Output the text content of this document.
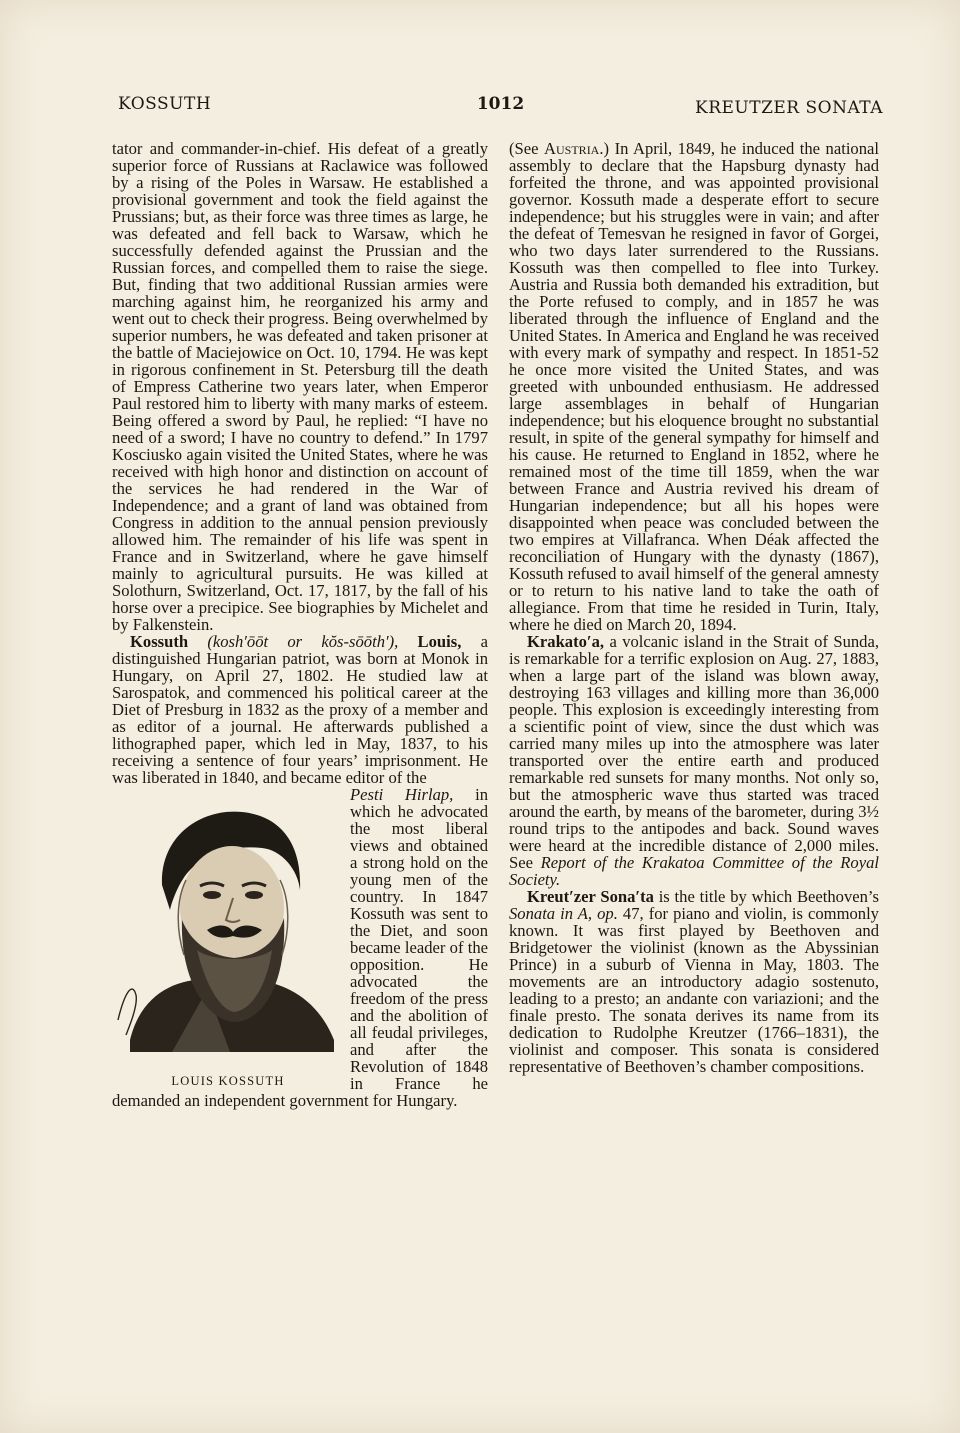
KOSSUTH	1012	KREUTZER SONATA

tator and commander-in-chief. His defeat of a greatly superior force of Russians at Raclawice was followed by a rising of the Poles in Warsaw. He established a provisional government and took the field against the Prussians; but, as their force was three times as large, he was defeated and fell back to Warsaw, which he successfully defended against the Prussian and the Russian forces, and compelled them to raise the siege. But, finding that two additional Russian armies were marching against him, he reorganized his army and went out to check their progress. Being overwhelmed by superior numbers, he was defeated and taken prisoner at the battle of Maciejowice on Oct. 10, 1794. He was kept in rigorous confinement in St. Petersburg till the death of Empress Catherine two years later, when Emperor Paul restored him to liberty with many marks of esteem. Being offered a sword by Paul, he replied: “I have no need of a sword; I have no country to defend.” In 1797 Kosciusko again visited the United States, where he was received with high honor and distinction on account of the services he had rendered in the War of Independence; and a grant of land was obtained from Congress in addition to the annual pension previously allowed him. The remainder of his life was spent in France and in Switzerland, where he gave himself mainly to agricultural pursuits. He was killed at Solothurn, Switzerland, Oct. 17, 1817, by the fall of his horse over a precipice. See biographies by Michelet and by Falkenstein.

Kossuth (kosh′ōōt or kŏs-sōōth′), Louis, a distinguished Hungarian patriot, was born at Monok in Hungary, on April 27, 1802. He studied law at Sarospatok, and commenced his political career at the Diet of Presburg in 1832 as the proxy of a member and as editor of a journal. He afterwards published a lithographed paper, which led in May, 1837, to his receiving a sentence of four years’ imprisonment. He was liberated in 1840, and became editor of the

LOUIS KOSSUTH

Pesti Hirlap, in which he advocated the most liberal views and obtained a strong hold on the young men of the country. In 1847 Kossuth was sent to the Diet, and soon became leader of the opposition. He advocated the freedom of the press and the abolition of all feudal privileges, and after the Revolution of 1848 in France he demanded an independent government for Hungary.

(See Austria.) In April, 1849, he induced the national assembly to declare that the Hapsburg dynasty had forfeited the throne, and was appointed provisional governor. Kossuth made a desperate effort to secure independence; but his struggles were in vain; and after the defeat of Temesvan he resigned in favor of Gorgei, who two days later surrendered to the Russians. Kossuth was then compelled to flee into Turkey. Austria and Russia both demanded his extradition, but the Porte refused to comply, and in 1857 he was liberated through the influence of England and the United States. In America and England he was received with every mark of sympathy and respect. In 1851-52 he once more visited the United States, and was greeted with unbounded enthusiasm. He addressed large assemblages in behalf of Hungarian independence; but his eloquence brought no substantial result, in spite of the general sympathy for himself and his cause. He returned to England in 1852, where he remained most of the time till 1859, when the war between France and Austria revived his dream of Hungarian independence; but all his hopes were disappointed when peace was concluded between the two empires at Villafranca. When Déak affected the reconciliation of Hungary with the dynasty (1867), Kossuth refused to avail himself of the general amnesty or to return to his native land to take the oath of allegiance. From that time he resided in Turin, Italy, where he died on March 20, 1894.

Krakato′a, a volcanic island in the Strait of Sunda, is remarkable for a terrific explosion on Aug. 27, 1883, when a large part of the island was blown away, destroying 163 villages and killing more than 36,000 people. This explosion is exceedingly interesting from a scientific point of view, since the dust which was carried many miles up into the atmosphere was later transported over the entire earth and produced remarkable red sunsets for many months. Not only so, but the atmospheric wave thus started was traced around the earth, by means of the barometer, during 3½ round trips to the antipodes and back. Sound waves were heard at the incredible distance of 2,000 miles. See Report of the Krakatoa Committee of the Royal Society.

Kreut′zer Sona′ta is the title by which Beethoven’s Sonata in A, op. 47, for piano and violin, is commonly known. It was first played by Beethoven and Bridgetower the violinist (known as the Abyssinian Prince) in a suburb of Vienna in May, 1803. The movements are an introductory adagio sostenuto, leading to a presto; an andante con variazioni; and the finale presto. The sonata derives its name from its dedication to Rudolphe Kreutzer (1766–1831), the violinist and composer. This sonata is considered representative of Beethoven’s chamber compositions.
